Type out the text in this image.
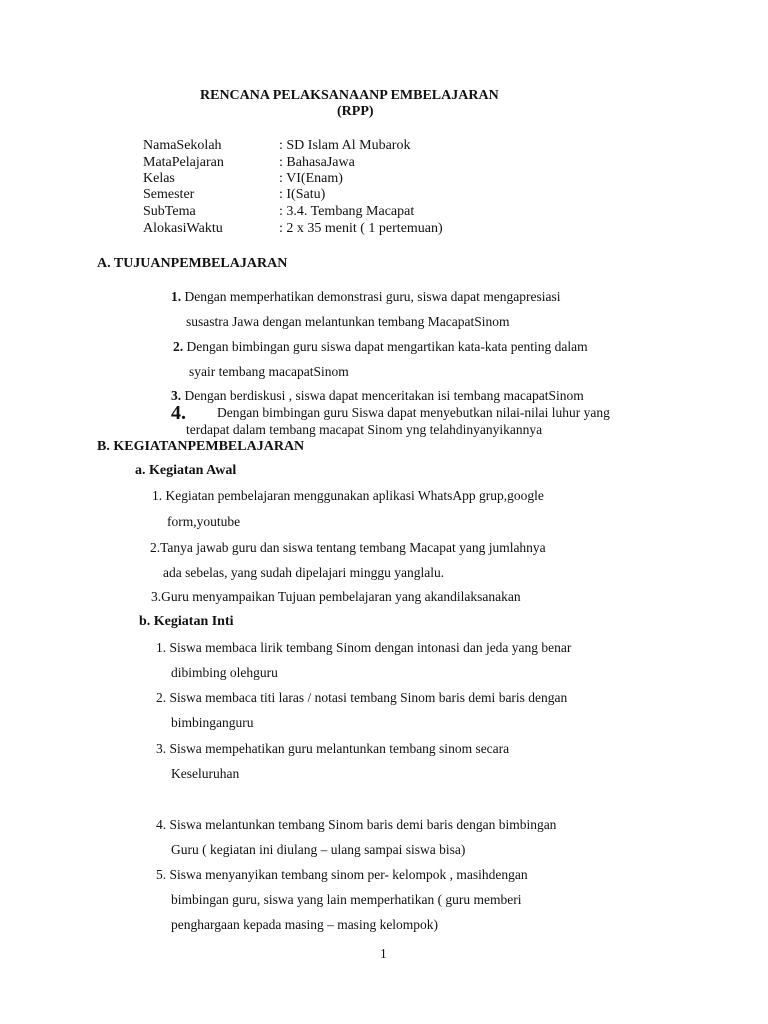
RENCANA PELAKSANAANP EMBELAJARAN
(RPP)
NamaSekolah	: SD Islam Al Mubarok
MataPelajaran	: BahasaJawa
Kelas	: VI(Enam)
Semester	: I(Satu)
SubTema	: 3.4. Tembang Macapat
AlokasiWaktu	: 2 x 35 menit ( 1 pertemuan)
A. TUJUANPEMBELAJARAN
1. Dengan memperhatikan demonstrasi guru, siswa dapat mengapresiasi
susastra Jawa dengan melantunkan tembang MacapatSinom
2. Dengan bimbingan guru siswa dapat mengartikan kata-kata penting dalam
syair tembang macapatSinom
3. Dengan berdiskusi , siswa dapat menceritakan isi tembang macapatSinom
4. Dengan bimbingan guru Siswa dapat menyebutkan nilai-nilai luhur yang
terdapat dalam tembang macapat Sinom yng telahdinyanyikannya
B. KEGIATANPEMBELAJARAN
a. Kegiatan Awal
1. Kegiatan pembelajaran menggunakan aplikasi WhatsApp grup,google
form,youtube
2.Tanya jawab guru dan siswa tentang tembang Macapat yang jumlahnya
ada sebelas, yang sudah dipelajari minggu yanglalu.
3.Guru menyampaikan Tujuan pembelajaran yang akandilaksanakan
b. Kegiatan Inti
1. Siswa membaca lirik tembang Sinom dengan intonasi dan jeda yang benar
dibimbing olehguru
2. Siswa membaca titi laras / notasi tembang Sinom baris demi baris dengan
bimbinganguru
3. Siswa mempehatikan guru melantunkan tembang sinom secara
Keseluruhan
4. Siswa melantunkan tembang Sinom baris demi baris dengan bimbingan
Guru ( kegiatan ini diulang – ulang sampai siswa bisa)
5. Siswa menyanyikan tembang sinom per- kelompok , masihdengan
bimbingan guru, siswa yang lain memperhatikan ( guru memberi
penghargaan kepada masing – masing kelompok)
1
